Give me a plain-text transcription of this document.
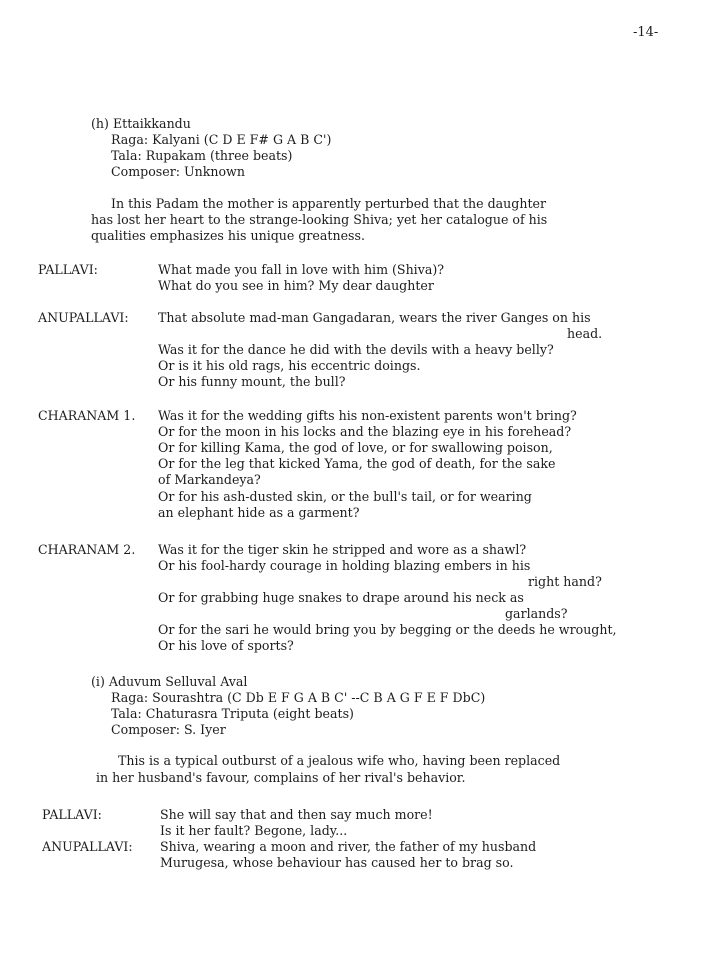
-14-
(h) Ettaikkandu
Raga: Kalyani (C D E F# G A B C')
Tala: Rupakam (three beats)
Composer: Unknown
In this Padam the mother is apparently perturbed that the daughter
has lost her heart to the strange-looking Shiva; yet her catalogue of his
qualities emphasizes his unique greatness.
PALLAVI:	What made you fall in love with him (Shiva)?
What do you see in him? My dear daughter
ANUPALLAVI: That absolute mad-man Gangadaran, wears the river Ganges on his
head.
Was it for the dance he did with the devils with a heavy belly?
Or is it his old rags, his eccentric doings.
Or his funny mount, the bull?
CHARANAM 1. Was it for the wedding gifts his non-existent parents won't bring?
Or for the moon in his locks and the blazing eye in his forehead?
Or for killing Kama, the god of love, or for swallowing poison,
Or for the leg that kicked Yama, the god of death, for the sake
of Markandeya?
Or for his ash-dusted skin, or the bull's tail, or for wearing
an elephant hide as a garment?
CHARANAM 2. Was it for the tiger skin he stripped and wore as a shawl?
Or his fool-hardy courage in holding blazing embers in his
right hand?
Or for grabbing huge snakes to drape around his neck as
garlands?
Or for the sari he would bring you by begging or the deeds he wrought,
Or his love of sports?
(i) Aduvum Selluval Aval
Raga: Sourashtra (C Db E F G A B C' --C B A G F E F DbC)
Tala: Chaturasra Triputa (eight beats)
Composer: S. Iyer
This is a typical outburst of a jealous wife who, having been replaced
in her husband's favour, complains of her rival's behavior.
PALLAVI:	She will say that and then say much more!
Is it her fault? Begone, lady...
ANUPALLAVI: Shiva, wearing a moon and river, the father of my husband
Murugesa, whose behaviour has caused her to brag so.
